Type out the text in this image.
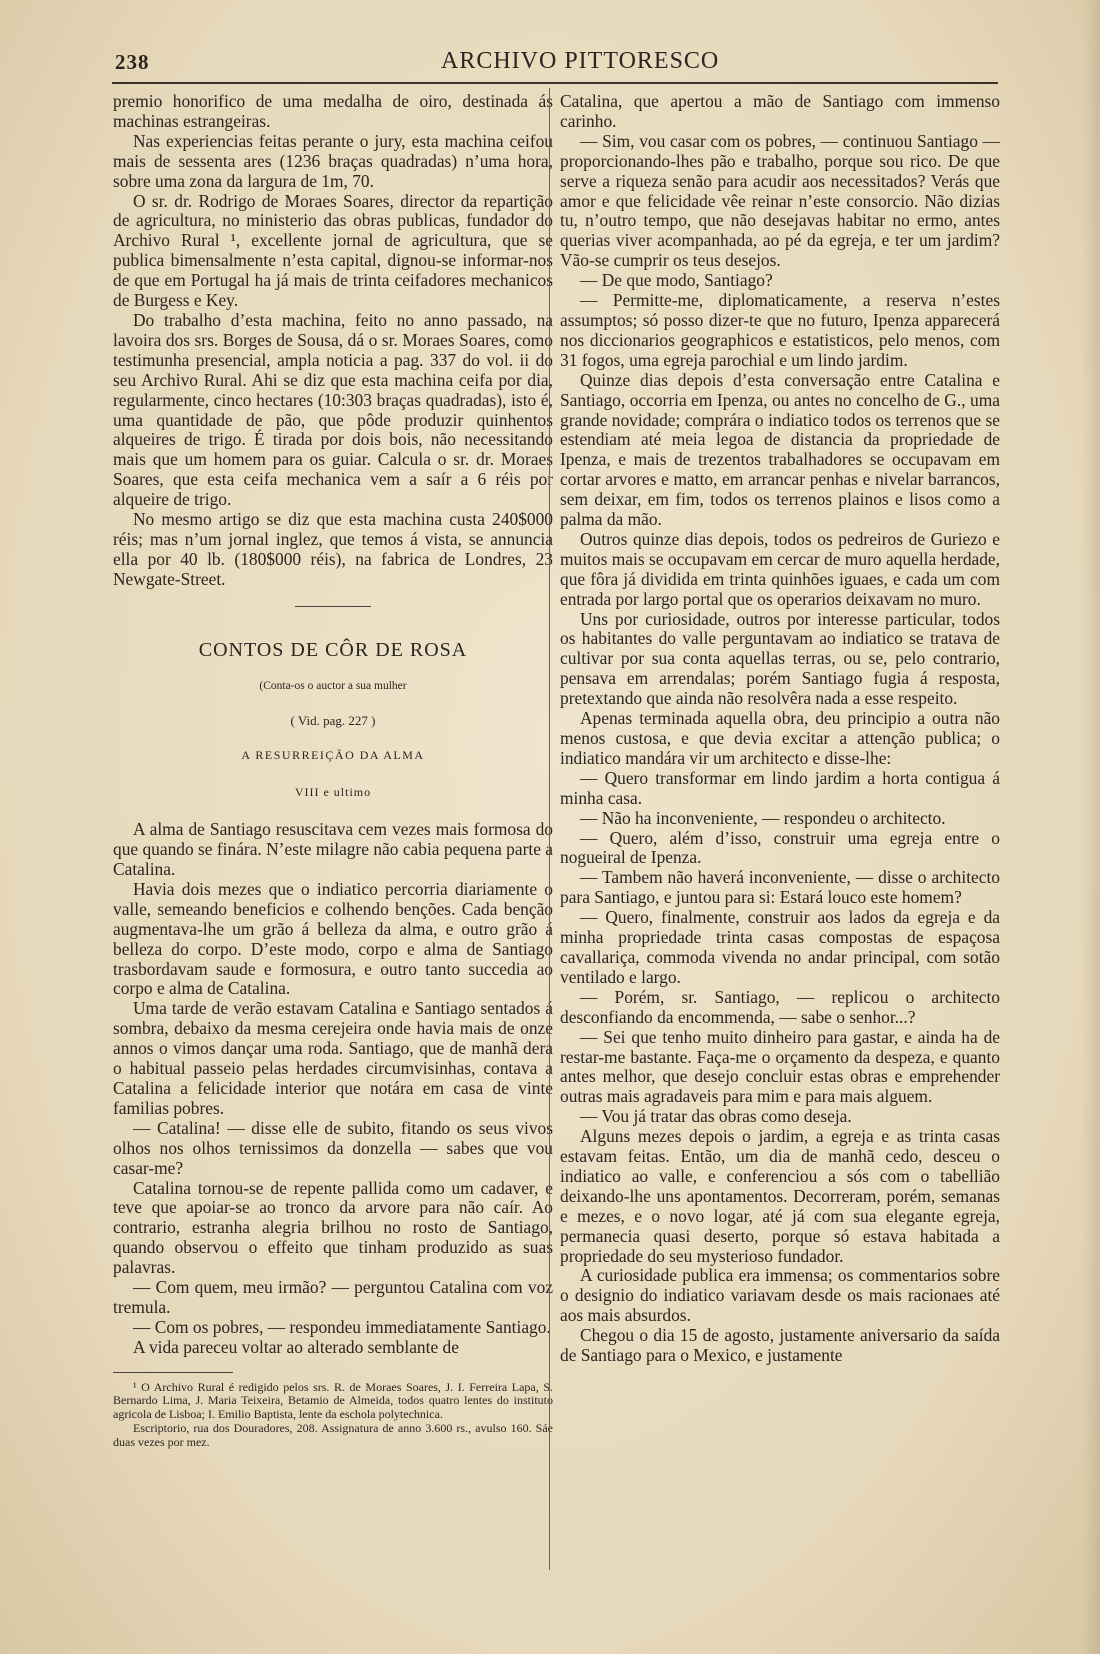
238	ARCHIVO PITTORESCO

premio honorifico de uma medalha de oiro, destinada ás machinas estrangeiras.

Nas experiencias feitas perante o jury, esta machina ceifou mais de sessenta ares (1236 braças quadradas) n’uma hora, sobre uma zona da largura de 1m, 70.

O sr. dr. Rodrigo de Moraes Soares, director da repartição de agricultura, no ministerio das obras publicas, fundador do Archivo Rural ¹, excellente jornal de agricultura, que se publica bimensalmente n’esta capital, dignou-se informar-nos de que em Portugal ha já mais de trinta ceifadores mechanicos de Burgess e Key.

Do trabalho d’esta machina, feito no anno passado, na lavoira dos srs. Borges de Sousa, dá o sr. Moraes Soares, como testimunha presencial, ampla noticia a pag. 337 do vol. ii do seu Archivo Rural. Ahi se diz que esta machina ceifa por dia, regularmente, cinco hectares (10:303 braças quadradas), isto é, uma quantidade de pão, que pôde produzir quinhentos alqueires de trigo. É tirada por dois bois, não necessitando mais que um homem para os guiar. Calcula o sr. dr. Moraes Soares, que esta ceifa mechanica vem a saír a 6 réis por alqueire de trigo.

No mesmo artigo se diz que esta machina custa 240$000 réis; mas n’um jornal inglez, que temos á vista, se annuncia ella por 40 lb. (180$000 réis), na fabrica de Londres, 23 Newgate-Street.

CONTOS DE CÔR DE ROSA
(Conta-os o auctor a sua mulher
( Vid. pag. 227 )
A RESURREIÇÃO DA ALMA
VIII e ultimo

A alma de Santiago resuscitava cem vezes mais formosa do que quando se finára. N’este milagre não cabia pequena parte a Catalina.

Havia dois mezes que o indiatico percorria diariamente o valle, semeando beneficios e colhendo benções. Cada benção augmentava-lhe um grão á belleza da alma, e outro grão á belleza do corpo. D’este modo, corpo e alma de Santiago trasbordavam saude e formosura, e outro tanto succedia ao corpo e alma de Catalina.

Uma tarde de verão estavam Catalina e Santiago sentados á sombra, debaixo da mesma cerejeira onde havia mais de onze annos o vimos dançar uma roda. Santiago, que de manhã dera o habitual passeio pelas herdades circumvisinhas, contava a Catalina a felicidade interior que notára em casa de vinte familias pobres.

— Catalina! — disse elle de subito, fitando os seus vivos olhos nos olhos ternissimos da donzella — sabes que vou casar-me?

Catalina tornou-se de repente pallida como um cadaver, e teve que apoiar-se ao tronco da arvore para não caír. Ao contrario, estranha alegria brilhou no rosto de Santiago, quando observou o effeito que tinham produzido as suas palavras.

— Com quem, meu irmão? — perguntou Catalina com voz tremula.

— Com os pobres, — respondeu immediatamente Santiago.

A vida pareceu voltar ao alterado semblante de

¹ O Archivo Rural é redigido pelos srs. R. de Moraes Soares, J. I. Ferreira Lapa, S. Bernardo Lima, J. Maria Teixeira, Betamio de Almeida, todos quatro lentes do instituto agricola de Lisboa; I. Emilio Baptista, lente da eschola polytechnica.

Escriptorio, rua dos Douradores, 208. Assignatura de anno 3.600 rs., avulso 160. Sáe duas vezes por mez.

Catalina, que apertou a mão de Santiago com immenso carinho.

— Sim, vou casar com os pobres, — continuou Santiago — proporcionando-lhes pão e trabalho, porque sou rico. De que serve a riqueza senão para acudir aos necessitados? Verás que amor e que felicidade vêe reinar n’este consorcio. Não dizias tu, n’outro tempo, que não desejavas habitar no ermo, antes querias viver acompanhada, ao pé da egreja, e ter um jardim? Vão-se cumprir os teus desejos.

— De que modo, Santiago?

— Permitte-me, diplomaticamente, a reserva n’estes assumptos; só posso dizer-te que no futuro, Ipenza apparecerá nos diccionarios geographicos e estatisticos, pelo menos, com 31 fogos, uma egreja parochial e um lindo jardim.

Quinze dias depois d’esta conversação entre Catalina e Santiago, occorria em Ipenza, ou antes no concelho de G., uma grande novidade; comprára o indiatico todos os terrenos que se estendiam até meia legoa de distancia da propriedade de Ipenza, e mais de trezentos trabalhadores se occupavam em cortar arvores e matto, em arrancar penhas e nivelar barrancos, sem deixar, em fim, todos os terrenos plainos e lisos como a palma da mão.

Outros quinze dias depois, todos os pedreiros de Guriezo e muitos mais se occupavam em cercar de muro aquella herdade, que fôra já dividida em trinta quinhões iguaes, e cada um com entrada por largo portal que os operarios deixavam no muro.

Uns por curiosidade, outros por interesse particular, todos os habitantes do valle perguntavam ao indiatico se tratava de cultivar por sua conta aquellas terras, ou se, pelo contrario, pensava em arrendalas; porém Santiago fugia á resposta, pretextando que ainda não resolvêra nada a esse respeito.

Apenas terminada aquella obra, deu principio a outra não menos custosa, e que devia excitar a attenção publica; o indiatico mandára vir um architecto e disse-lhe:

— Quero transformar em lindo jardim a horta contigua á minha casa.

— Não ha inconveniente, — respondeu o architecto.

— Quero, além d’isso, construir uma egreja entre o nogueiral de Ipenza.

— Tambem não haverá inconveniente, — disse o architecto para Santiago, e juntou para si: Estará louco este homem?

— Quero, finalmente, construir aos lados da egreja e da minha propriedade trinta casas compostas de espaçosa cavallariça, commoda vivenda no andar principal, com sotão ventilado e largo.

— Porém, sr. Santiago, — replicou o architecto desconfiando da encommenda, — sabe o senhor...?

— Sei que tenho muito dinheiro para gastar, e ainda ha de restar-me bastante. Faça-me o orçamento da despeza, e quanto antes melhor, que desejo concluir estas obras e emprehender outras mais agradaveis para mim e para mais alguem.

— Vou já tratar das obras como deseja.

Alguns mezes depois o jardim, a egreja e as trinta casas estavam feitas. Então, um dia de manhã cedo, desceu o indiatico ao valle, e conferenciou a sós com o tabellião deixando-lhe uns apontamentos. Decorreram, porém, semanas e mezes, e o novo logar, até já com sua elegante egreja, permanecia quasi deserto, porque só estava habitada a propriedade do seu mysterioso fundador.

A curiosidade publica era immensa; os commentarios sobre o designio do indiatico variavam desde os mais racionaes até aos mais absurdos.

Chegou o dia 15 de agosto, justamente aniversario da saída de Santiago para o Mexico, e justamente
